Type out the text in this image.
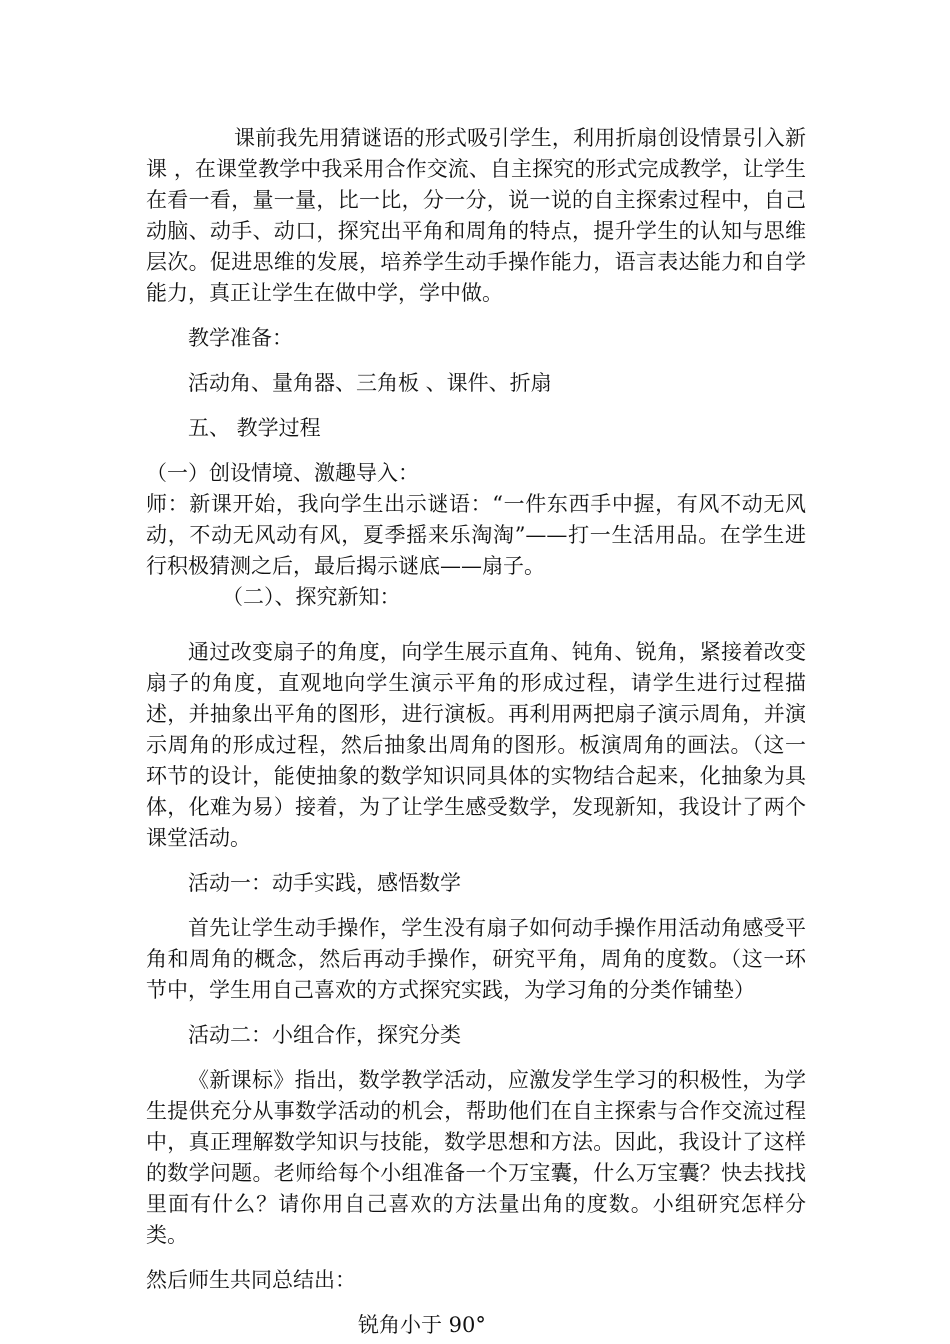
课前我先用猜谜语的形式吸引学生，利用折扇创设情景引入新课 ，在课堂教学中我采用合作交流、自主探究的形式完成教学，让学生在看一看，量一量，比一比，分一分，说一说的自主探索过程中，自己动脑、动手、动口，探究出平角和周角的特点，提升学生的认知与思维层次。促进思维的发展，培养学生动手操作能力，语言表达能力和自学能力，真正让学生在做中学，学中做。

教学准备：

活动角、量角器、三角板 、课件、折扇

五、 教学过程

（一）创设情境、激趣导入：

师：新课开始，我向学生出示谜语：“一件东西手中握，有风不动无风动，不动无风动有风，夏季摇来乐淘淘”——打一生活用品。在学生进行积极猜测之后，最后揭示谜底——扇子。

（二）、探究新知：

通过改变扇子的角度，向学生展示直角、钝角、锐角，紧接着改变扇子的角度，直观地向学生演示平角的形成过程，请学生进行过程描述，并抽象出平角的图形，进行演板。再利用两把扇子演示周角，并演示周角的形成过程，然后抽象出周角的图形。板演周角的画法。（这一环节的设计，能使抽象的数学知识同具体的实物结合起来，化抽象为具体，化难为易）接着，为了让学生感受数学，发现新知，我设计了两个课堂活动。

活动一：动手实践，感悟数学

首先让学生动手操作，学生没有扇子如何动手操作用活动角感受平角和周角的概念，然后再动手操作，研究平角，周角的度数。（这一环节中，学生用自己喜欢的方式探究实践，为学习角的分类作铺垫）

活动二：小组合作，探究分类

《新课标》指出，数学教学活动，应激发学生学习的积极性，为学生提供充分从事数学活动的机会，帮助他们在自主探索与合作交流过程中，真正理解数学知识与技能，数学思想和方法。因此，我设计了这样的数学问题。老师给每个小组准备一个万宝囊，什么万宝囊？快去找找里面有什么？请你用自己喜欢的方法量出角的度数。小组研究怎样分类。

然后师生共同总结出：

锐角小于 90°
